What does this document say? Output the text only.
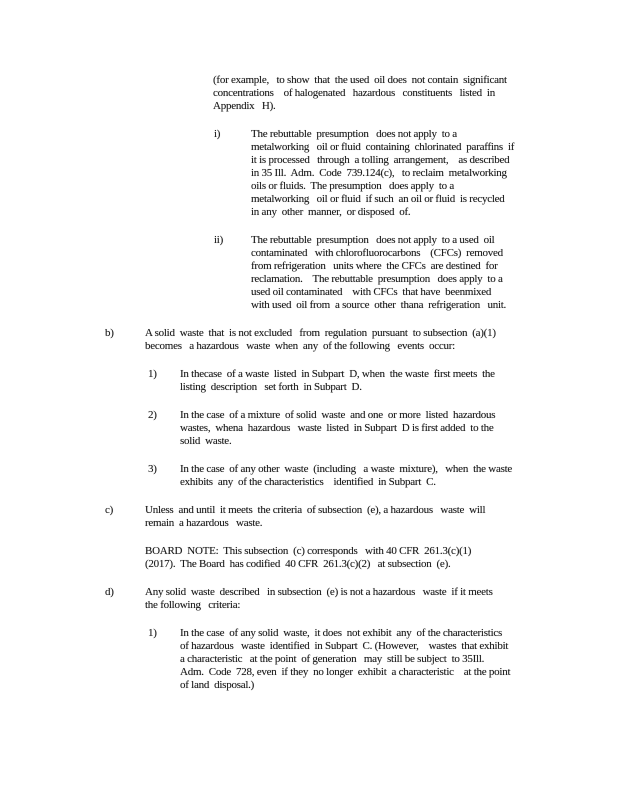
(for example,   to show  that  the used  oil does  not contain  significant
concentrations    of halogenated   hazardous   constituents   listed  in
Appendix   H).
i)	The rebuttable  presumption   does not apply  to a
metalworking   oil or fluid  containing  chlorinated  paraffins  if
it is processed   through  a tolling  arrangement,    as described
in 35 Ill.  Adm.  Code  739.124(c),   to reclaim  metalworking
oils or fluids.  The presumption   does apply  to a
metalworking   oil or fluid  if such  an oil or fluid  is recycled
in any  other  manner,  or disposed  of.
ii)	The rebuttable  presumption   does not apply  to a used  oil
contaminated   with chlorofluorocarbons    (CFCs)  removed
from refrigeration   units where  the CFCs  are destined  for
reclamation.    The rebuttable  presumption   does apply  to a
used oil contaminated    with CFCs  that have  beenmixed
with used  oil from  a source  other  thana  refrigeration   unit.
b)	A solid  waste  that  is not excluded   from  regulation  pursuant  to subsection  (a)(1)
becomes   a hazardous   waste  when  any  of the following   events  occur:
1)	In thecase  of a waste  listed  in Subpart  D, when  the waste  first meets  the
listing  description   set forth  in Subpart  D.
2)	In the case  of a mixture  of solid  waste  and one  or more  listed  hazardous
wastes,  whena  hazardous   waste  listed  in Subpart  D is first added  to the
solid  waste.
3)	In the case  of any other  waste  (including   a waste  mixture),   when  the waste
exhibits  any  of the characteristics    identified  in Subpart  C.
c)	Unless  and until  it meets  the criteria  of subsection  (e), a hazardous   waste  will
remain  a hazardous   waste.
BOARD  NOTE:  This subsection  (c) corresponds   with 40 CFR  261.3(c)(1)
(2017).  The Board  has codified  40 CFR  261.3(c)(2)   at subsection  (e).
d)	Any solid  waste  described   in subsection  (e) is not a hazardous   waste  if it meets
the following   criteria:
1)	In the case  of any solid  waste,  it does  not exhibit  any  of the characteristics
of hazardous   waste  identified  in Subpart  C. (However,    wastes  that exhibit
a characteristic   at the point  of generation   may  still be subject  to 35Ill.
Adm.  Code  728, even  if they  no longer  exhibit  a characteristic    at the point
of land  disposal.)
